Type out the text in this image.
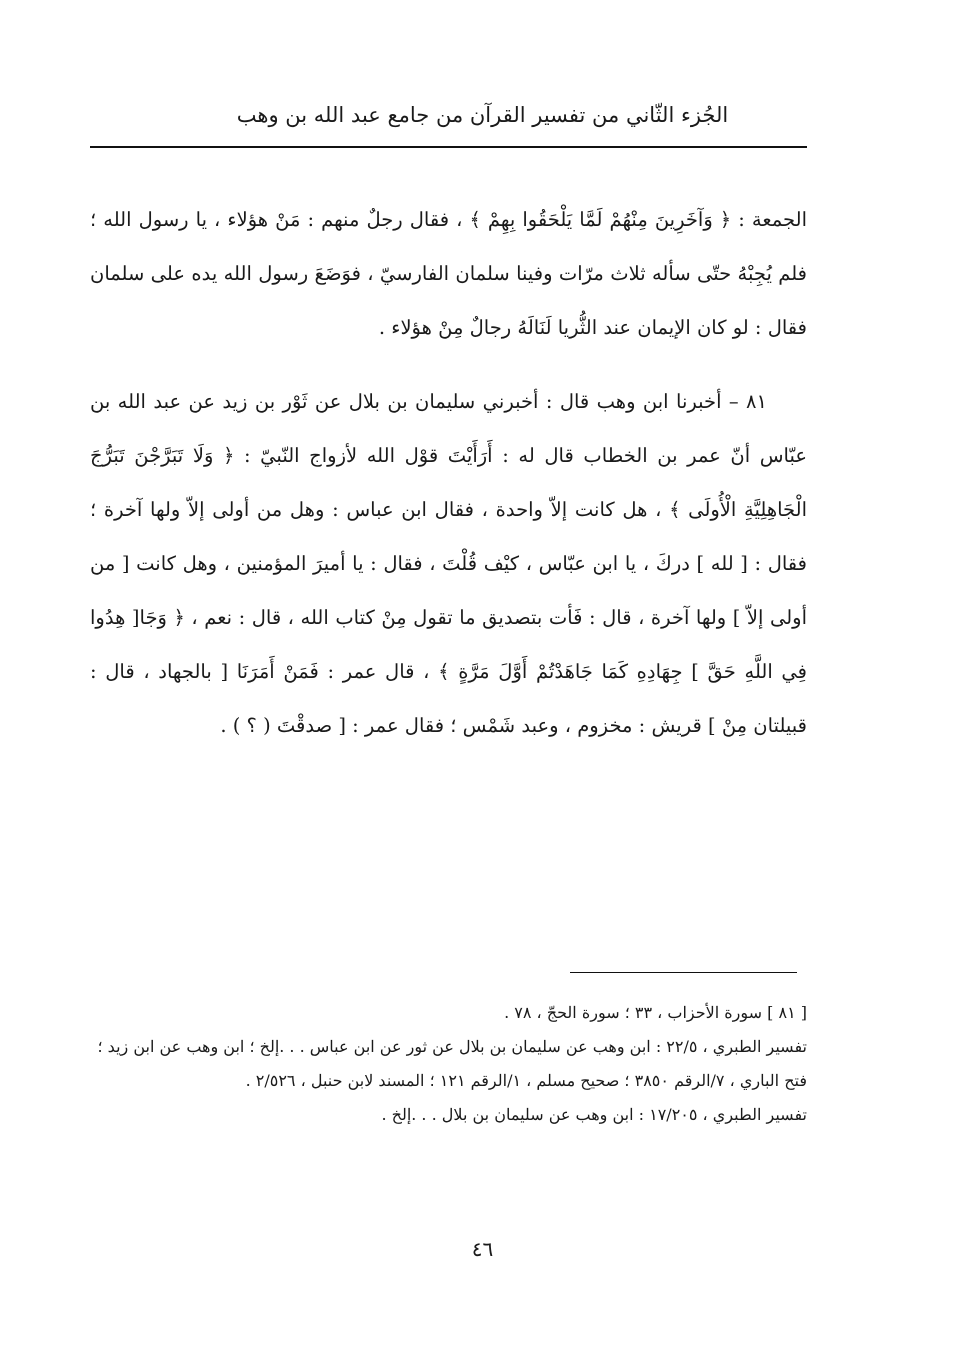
الجُزء الثّاني من تفسير القرآن من جامع عبد الله بن وهب

الجمعة : ﴿ وَآخَرِينَ مِنْهُمْ لَمَّا يَلْحَقُوا بِهِمْ ﴾ ، فقال رجلٌ منهم : مَنْ هؤلاء ، يا رسول الله ؛ فلم يُجِبْهُ حتّى سأله ثلاث مرّات وفينا سلمان الفارسيّ ، فوَضَعَ رسول الله يده على سلمان فقال : لو كان الإيمان عند الثُّريا لَنَالَهُ رجالٌ مِنْ هؤلاء .

٨١ – أخبرنا ابن وهب قال : أخبرني سليمان بن بلال عن ثَوْر بن زيد عن عبد الله بن عبّاس أنّ عمر بن الخطاب قال له : أَرَأَيْتَ قوْل الله لأزواج النّبيّ : ﴿ وَلَا تَبَرَّجْنَ تَبَرُّجَ الْجَاهِلِيَّةِ الْأُولَى ﴾ ، هل كانت إلاّ واحدة ، فقال ابن عباس : وهل من أولى إلاّ ولها آخرة ؛ فقال : [ لله ] دركَ ، يا ابن عبّاس ، كيْف قُلْتَ ، فقال : يا أميرَ المؤمنين ، وهل كانت [ من أولى إلاّ ] ولها آخرة ، قال : فَأت بتصديق ما تقول مِنْ كتاب الله ، قال : نعم ، ﴿ وَجَا[ هِدُوا فِي اللَّهِ حَقَّ ] جِهَادِهِ كَمَا جَاهَدْتُمْ أَوَّلَ مَرَّةٍ ﴾ ، قال عمر : فَمَنْ أَمَرَنَا [ بالجهاد ، قال : قبيلتان مِنْ ] قريش : مخزوم ، وعبد شَمْس ؛ فقال عمر : [ صدقْتَ ( ؟ ) .

[ ٨١ ] سورة الأحزاب ، ٣٣ ؛ سورة الحجّ ، ٧٨ .

تفسير الطبري ، ٢٢/٥ : ابن وهب عن سليمان بن بلال عن ثور عن ابن عباس . . .إلخ ؛ ابن وهب عن ابن زيد ؛ فتح الباري ، ٧/الرقم ٣٨٥٠ ؛ صحيح مسلم ، ١/الرقم ١٢١ ؛ المسند لابن حنبل ، ٢/٥٢٦ .

تفسير الطبري ، ١٧/٢٠٥ : ابن وهب عن سليمان بن بلال . . .إلخ .

٤٦
